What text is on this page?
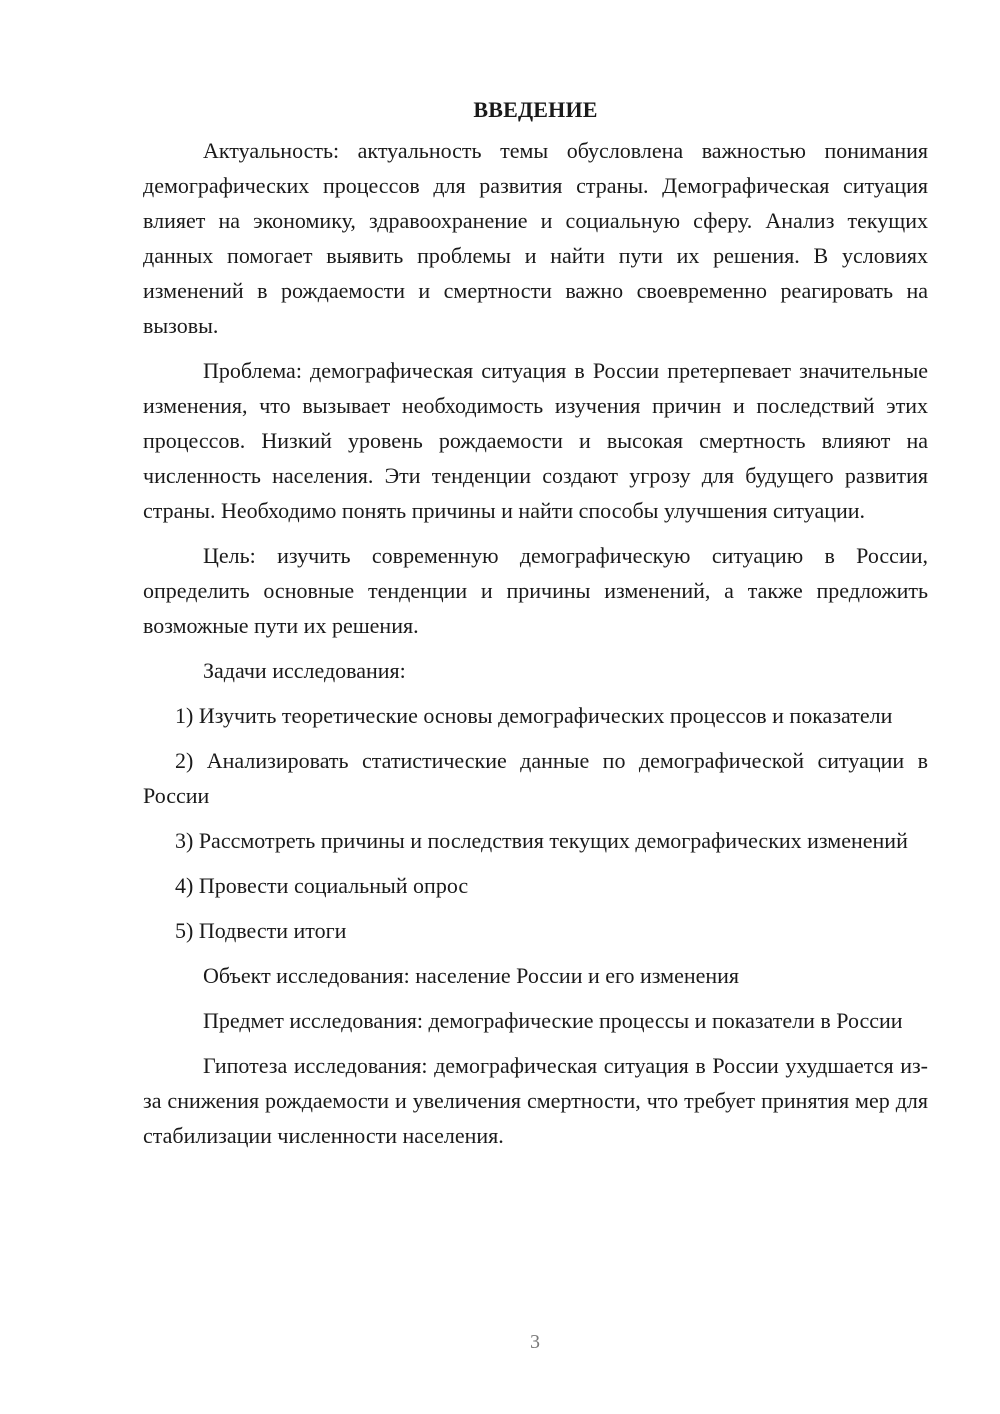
ВВЕДЕНИЕ

Актуальность: актуальность темы обусловлена важностью понимания демографических процессов для развития страны. Демографическая ситуация влияет на экономику, здравоохранение и социальную сферу. Анализ текущих данных помогает выявить проблемы и найти пути их решения. В условиях изменений в рождаемости и смертности важно своевременно реагировать на вызовы.

Проблема: демографическая ситуация в России претерпевает значительные изменения, что вызывает необходимость изучения причин и последствий этих процессов. Низкий уровень рождаемости и высокая смертность влияют на численность населения. Эти тенденции создают угрозу для будущего развития страны. Необходимо понять причины и найти способы улучшения ситуации.

Цель: изучить современную демографическую ситуацию в России, определить основные тенденции и причины изменений, а также предложить возможные пути их решения.

Задачи исследования:

1) Изучить теоретические основы демографических процессов и показатели

2) Анализировать статистические данные по демографической ситуации в России

3) Рассмотреть причины и последствия текущих демографических изменений

4) Провести социальный опрос

5) Подвести итоги

Объект исследования: население России и его изменения

Предмет исследования: демографические процессы и показатели в России

Гипотеза исследования: демографическая ситуация в России ухудшается из-за снижения рождаемости и увеличения смертности, что требует принятия мер для стабилизации численности населения.

3
